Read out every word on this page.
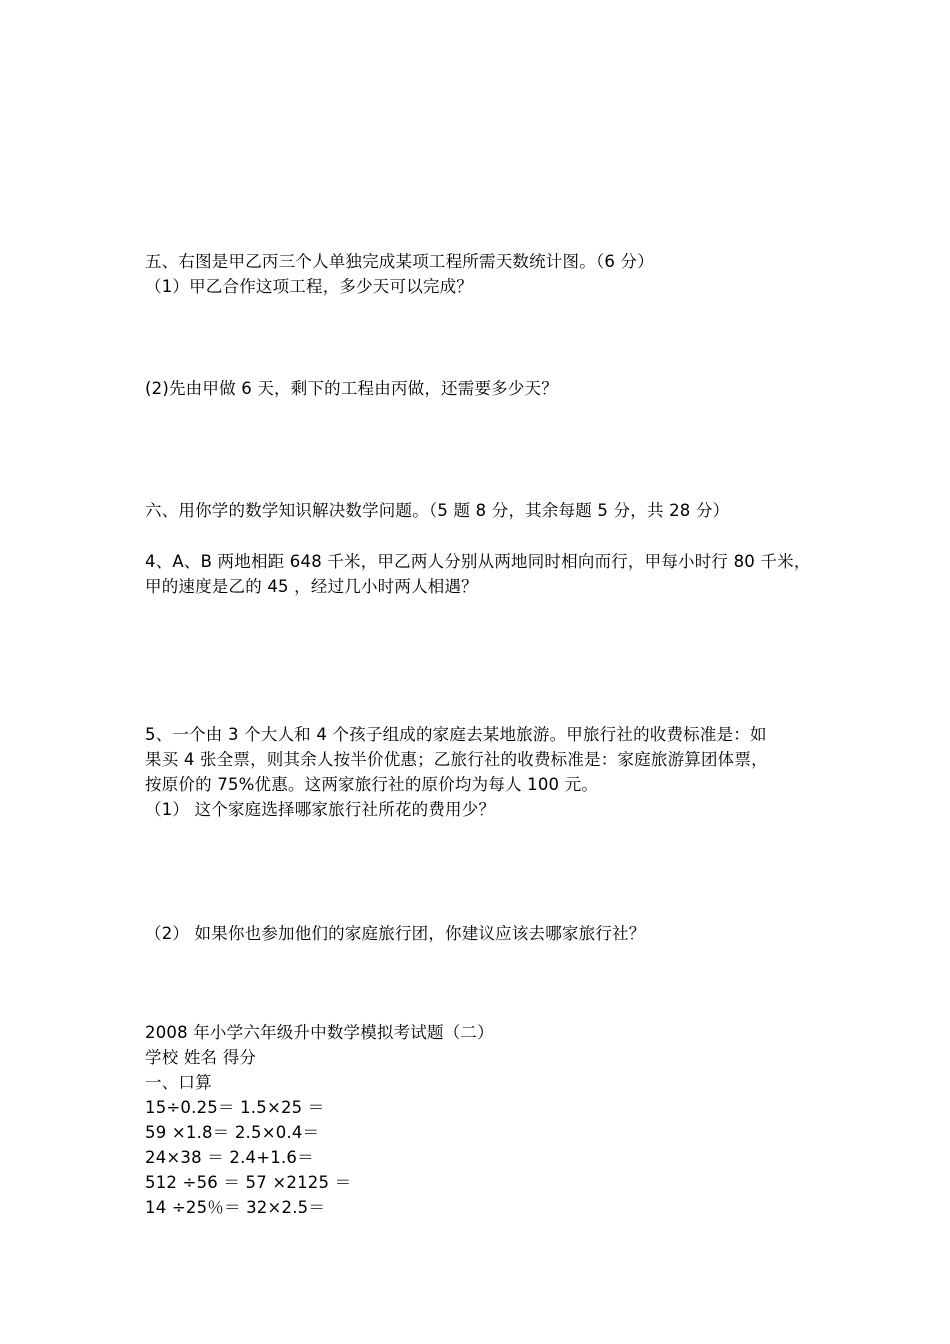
五、右图是甲乙丙三个人单独完成某项工程所需天数统计图。（6 分）
（1）甲乙合作这项工程，多少天可以完成？
(2)先由甲做 6 天，剩下的工程由丙做，还需要多少天？
六、用你学的数学知识解决数学问题。（5 题 8 分，其余每题 5 分，共 28 分）
4、A、B 两地相距 648 千米，甲乙两人分别从两地同时相向而行，甲每小时行 80 千米，
甲的速度是乙的 45 ，经过几小时两人相遇？
5、一个由 3 个大人和 4 个孩子组成的家庭去某地旅游。甲旅行社的收费标准是：如
果买 4 张全票，则其余人按半价优惠；乙旅行社的收费标准是：家庭旅游算团体票，
按原价的 75%优惠。这两家旅行社的原价均为每人 100 元。
（1） 这个家庭选择哪家旅行社所花的费用少？
（2） 如果你也参加他们的家庭旅行团，你建议应该去哪家旅行社？
2008 年小学六年级升中数学模拟考试题（二）
学校 姓名 得分
一、口算
15÷0.25＝ 1.5×25 ＝
59 ×1.8＝ 2.5×0.4＝
24×38 ＝ 2.4+1.6＝
512 ÷56 ＝ 57 ×2125 ＝
14 ÷25％＝ 32×2.5＝
